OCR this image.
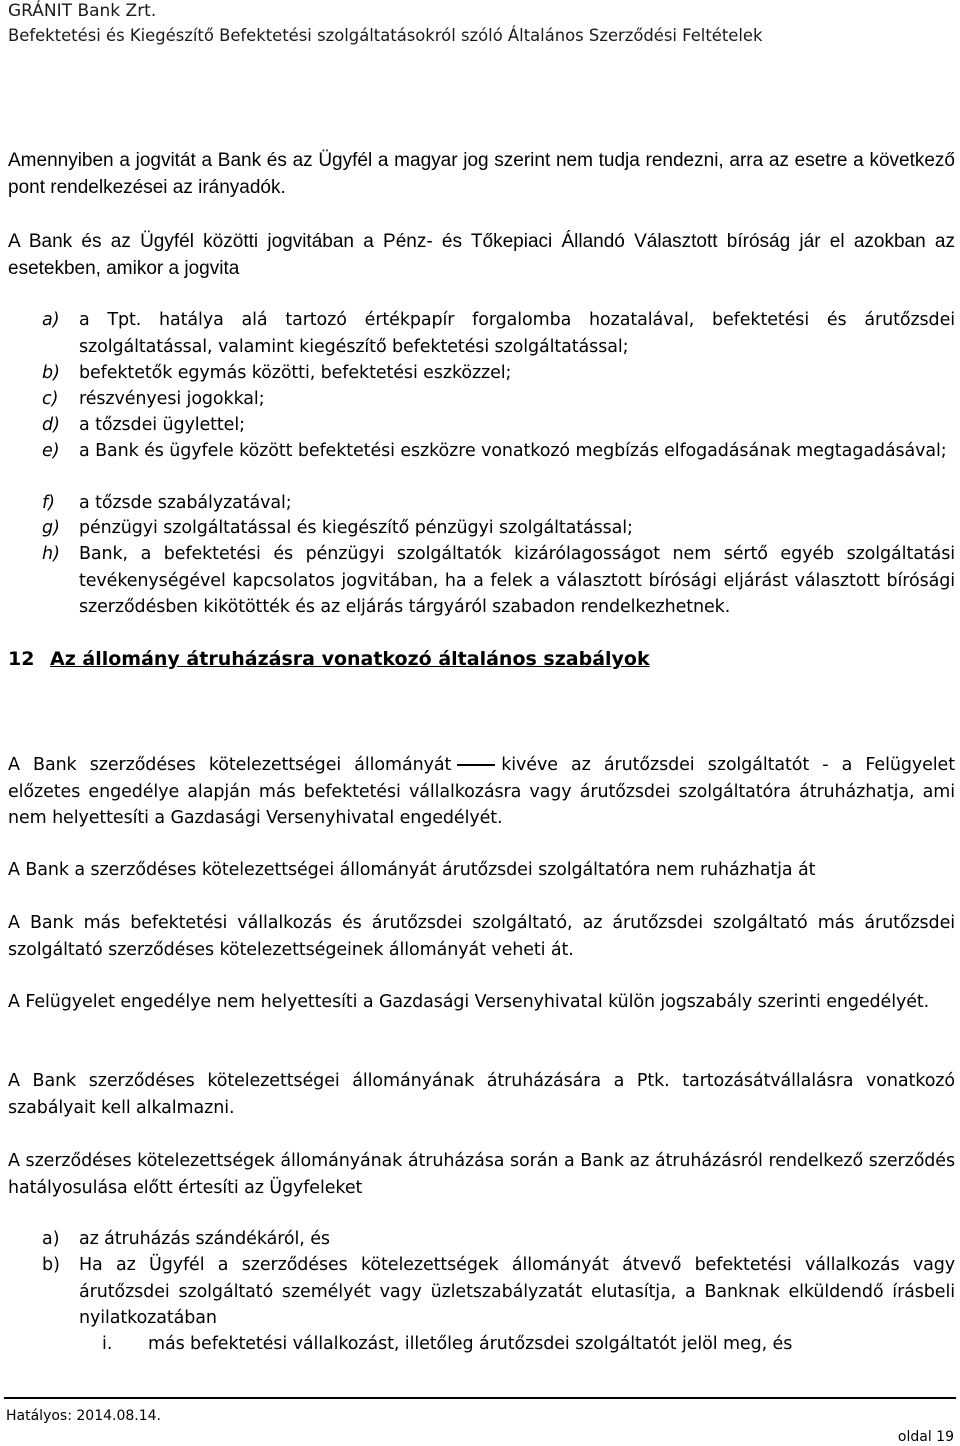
GRÁNIT Bank Zrt.
Befektetési és Kiegészítő Befektetési szolgáltatásokról szóló Általános Szerződési Feltételek
Amennyiben a jogvitát a Bank és az Ügyfél a magyar jog szerint nem tudja rendezni, arra az esetre a következő pont rendelkezései az irányadók.
A Bank és az Ügyfél közötti jogvitában a Pénz- és Tőkepiaci Állandó Választott bíróság jár el azokban az esetekben, amikor a jogvita
a) a Tpt. hatálya alá tartozó értékpapír forgalomba hozatalával, befektetési és árutőzsdei szolgáltatással, valamint kiegészítő befektetési szolgáltatással;
b) befektetők egymás közötti, befektetési eszközzel;
c) részvényesi jogokkal;
d) a tőzsdei ügylettel;
e) a Bank és ügyfele között befektetési eszközre vonatkozó megbízás elfogadásának megtagadásával;
f) a tőzsde szabályzatával;
g) pénzügyi szolgáltatással és kiegészítő pénzügyi szolgáltatással;
h) Bank, a befektetési és pénzügyi szolgáltatók kizárólagosságot nem sértő egyéb szolgáltatási tevékenységével kapcsolatos jogvitában, ha a felek a választott bírósági eljárást választott bírósági szerződésben kikötötték és az eljárás tárgyáról szabadon rendelkezhetnek.
12 Az állomány átruházásra vonatkozó általános szabályok
A Bank szerződéses kötelezettségei állományát	kivéve az árutőzsdei szolgáltatót - a Felügyelet előzetes engedélye alapján más befektetési vállalkozásra vagy árutőzsdei szolgáltatóra átruházhatja, ami nem helyettesíti a Gazdasági Versenyhivatal engedélyét.
A Bank a szerződéses kötelezettségei állományát árutőzsdei szolgáltatóra nem ruházhatja át
A Bank más befektetési vállalkozás és árutőzsdei szolgáltató, az árutőzsdei szolgáltató más árutőzsdei szolgáltató szerződéses kötelezettségeinek állományát veheti át.
A Felügyelet engedélye nem helyettesíti a Gazdasági Versenyhivatal külön jogszabály szerinti engedélyét.
A Bank szerződéses kötelezettségei állományának átruházására a Ptk. tartozásátvállalásra vonatkozó szabályait kell alkalmazni.
A szerződéses kötelezettségek állományának átruházása során a Bank az átruházásról rendelkező szerződés hatályosulása előtt értesíti az Ügyfeleket
a) az átruházás szándékáról, és
b) Ha az Ügyfél a szerződéses kötelezettségek állományát átvevő befektetési vállalkozás vagy árutőzsdei szolgáltató személyét vagy üzletszabályzatát elutasítja, a Banknak elküldendő írásbeli nyilatkozatában
i. más befektetési vállalkozást, illetőleg árutőzsdei szolgáltatót jelöl meg, és
Hatályos: 2014.08.14.
oldal 19
